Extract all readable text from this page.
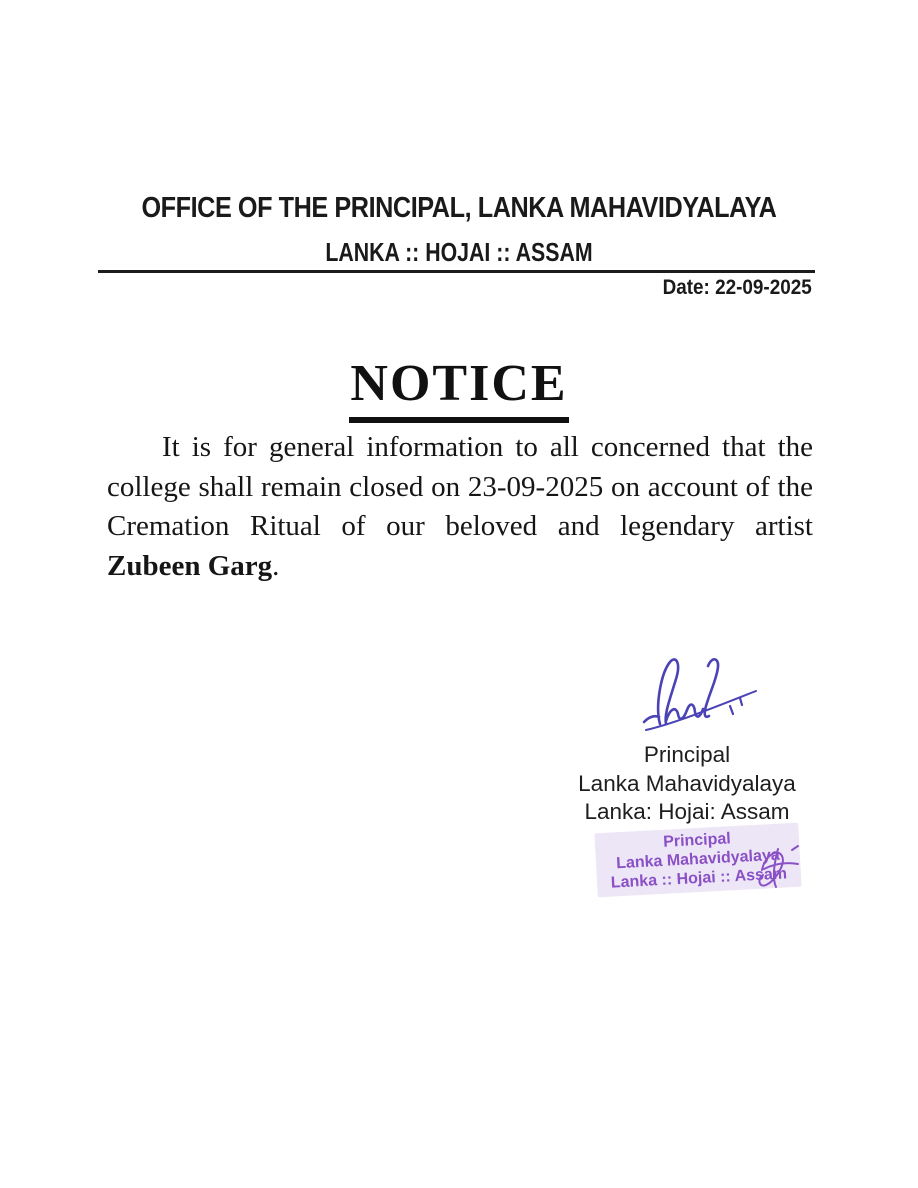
OFFICE OF THE PRINCIPAL, LANKA MAHAVIDYALAYA
LANKA :: HOJAI :: ASSAM
Date: 22-09-2025
NOTICE

It is for general information to all concerned that the college shall remain closed on 23-09-2025 on account of the Cremation Ritual of our beloved and legendary artist Zubeen Garg.

Principal
Lanka Mahavidyalaya
Lanka: Hojai: Assam
Principal
Lanka Mahavidyalaya
Lanka :: Hojai :: Assam
